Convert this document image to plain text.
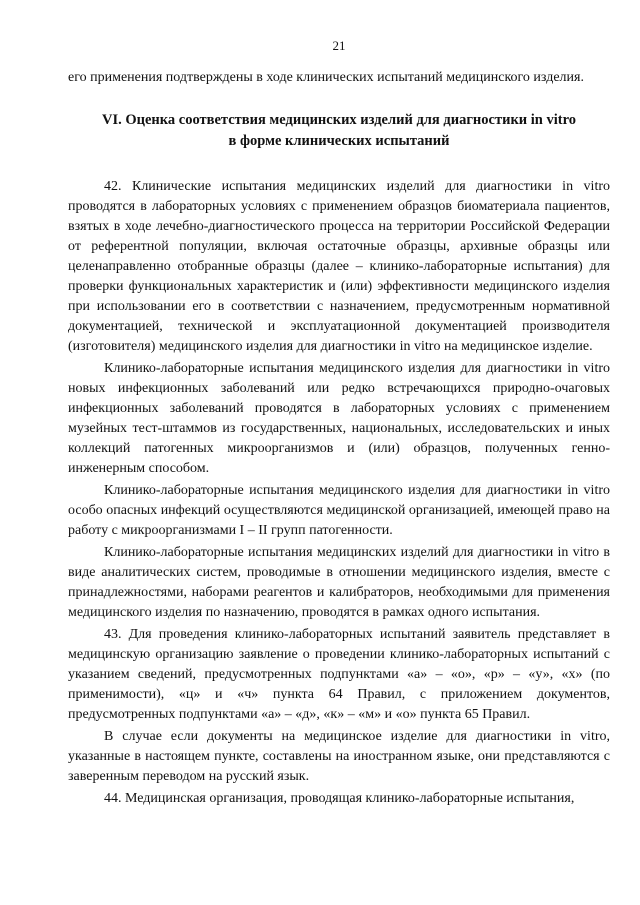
21

его применения подтверждены в ходе клинических испытаний медицинского изделия.

VI. Оценка соответствия медицинских изделий для диагностики in vitro
в форме клинических испытаний

42. Клинические испытания медицинских изделий для диагностики in vitro проводятся в лабораторных условиях с применением образцов биоматериала пациентов, взятых в ходе лечебно-диагностического процесса на территории Российской Федерации от референтной популяции, включая остаточные образцы, архивные образцы или целенаправленно отобранные образцы (далее – клинико-лабораторные испытания) для проверки функциональных характеристик и (или) эффективности медицинского изделия при использовании его в соответствии с назначением, предусмотренным нормативной документацией, технической и эксплуатационной документацией производителя (изготовителя) медицинского изделия для диагностики in vitro на медицинское изделие.

Клинико-лабораторные испытания медицинского изделия для диагностики in vitro новых инфекционных заболеваний или редко встречающихся природно-очаговых инфекционных заболеваний проводятся в лабораторных условиях с применением музейных тест-штаммов из государственных, национальных, исследовательских и иных коллекций патогенных микроорганизмов и (или) образцов, полученных генно-инженерным способом.

Клинико-лабораторные испытания медицинского изделия для диагностики in vitro особо опасных инфекций осуществляются медицинской организацией, имеющей право на работу с микроорганизмами I – II групп патогенности.

Клинико-лабораторные испытания медицинских изделий для диагностики in vitro в виде аналитических систем, проводимые в отношении медицинского изделия, вместе с принадлежностями, наборами реагентов и калибраторов, необходимыми для применения медицинского изделия по назначению, проводятся в рамках одного испытания.

43. Для проведения клинико-лабораторных испытаний заявитель представляет в медицинскую организацию заявление о проведении клинико-лабораторных испытаний с указанием сведений, предусмотренных подпунктами «а» – «о», «р» – «у», «х» (по применимости), «ц» и «ч» пункта 64 Правил, с приложением документов, предусмотренных подпунктами «а» – «д», «к» – «м» и «о» пункта 65 Правил.

В случае если документы на медицинское изделие для диагностики in vitro, указанные в настоящем пункте, составлены на иностранном языке, они представляются с заверенным переводом на русский язык.

44. Медицинская организация, проводящая клинико-лабораторные испытания,
